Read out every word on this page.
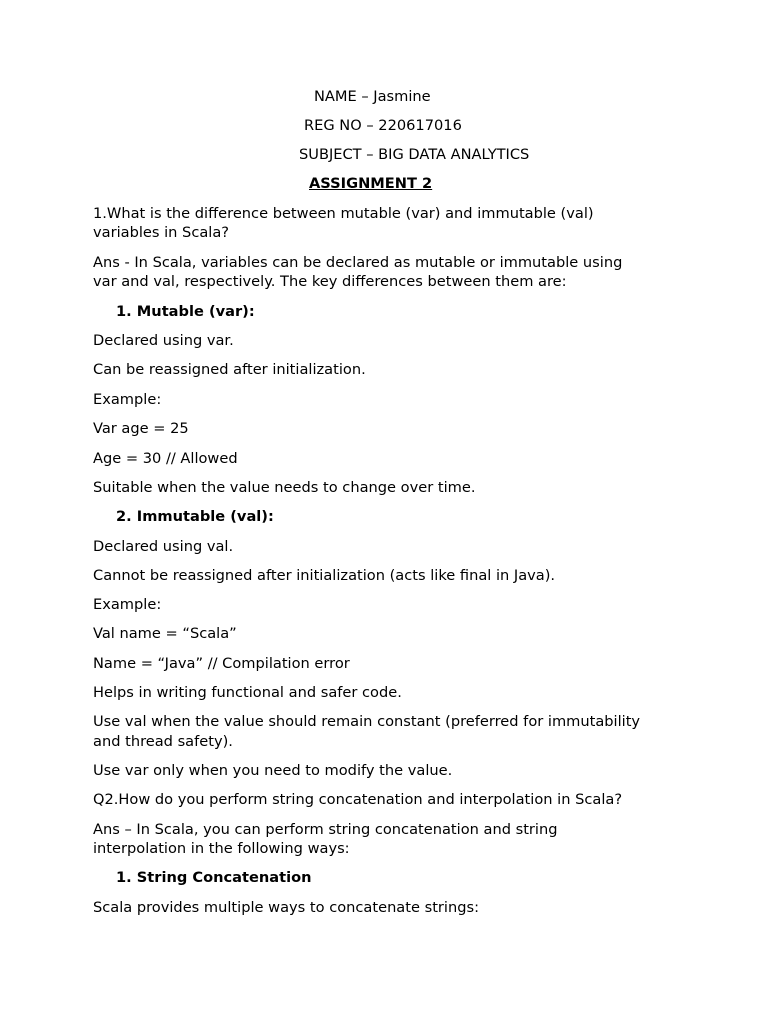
NAME – Jasmine
REG NO – 220617016
SUBJECT – BIG DATA ANALYTICS
ASSIGNMENT 2
1.What is the difference between mutable (var) and immutable (val)
variables in Scala?
Ans - In Scala, variables can be declared as mutable or immutable using
var and val, respectively. The key differences between them are:
1. Mutable (var):
Declared using var.
Can be reassigned after initialization.
Example:
Var age = 25
Age = 30 // Allowed
Suitable when the value needs to change over time.
2. Immutable (val):
Declared using val.
Cannot be reassigned after initialization (acts like final in Java).
Example:
Val name = “Scala”
Name = “Java” // Compilation error
Helps in writing functional and safer code.
Use val when the value should remain constant (preferred for immutability
and thread safety).
Use var only when you need to modify the value.
Q2.How do you perform string concatenation and interpolation in Scala?
Ans – In Scala, you can perform string concatenation and string
interpolation in the following ways:
1. String Concatenation
Scala provides multiple ways to concatenate strings:
